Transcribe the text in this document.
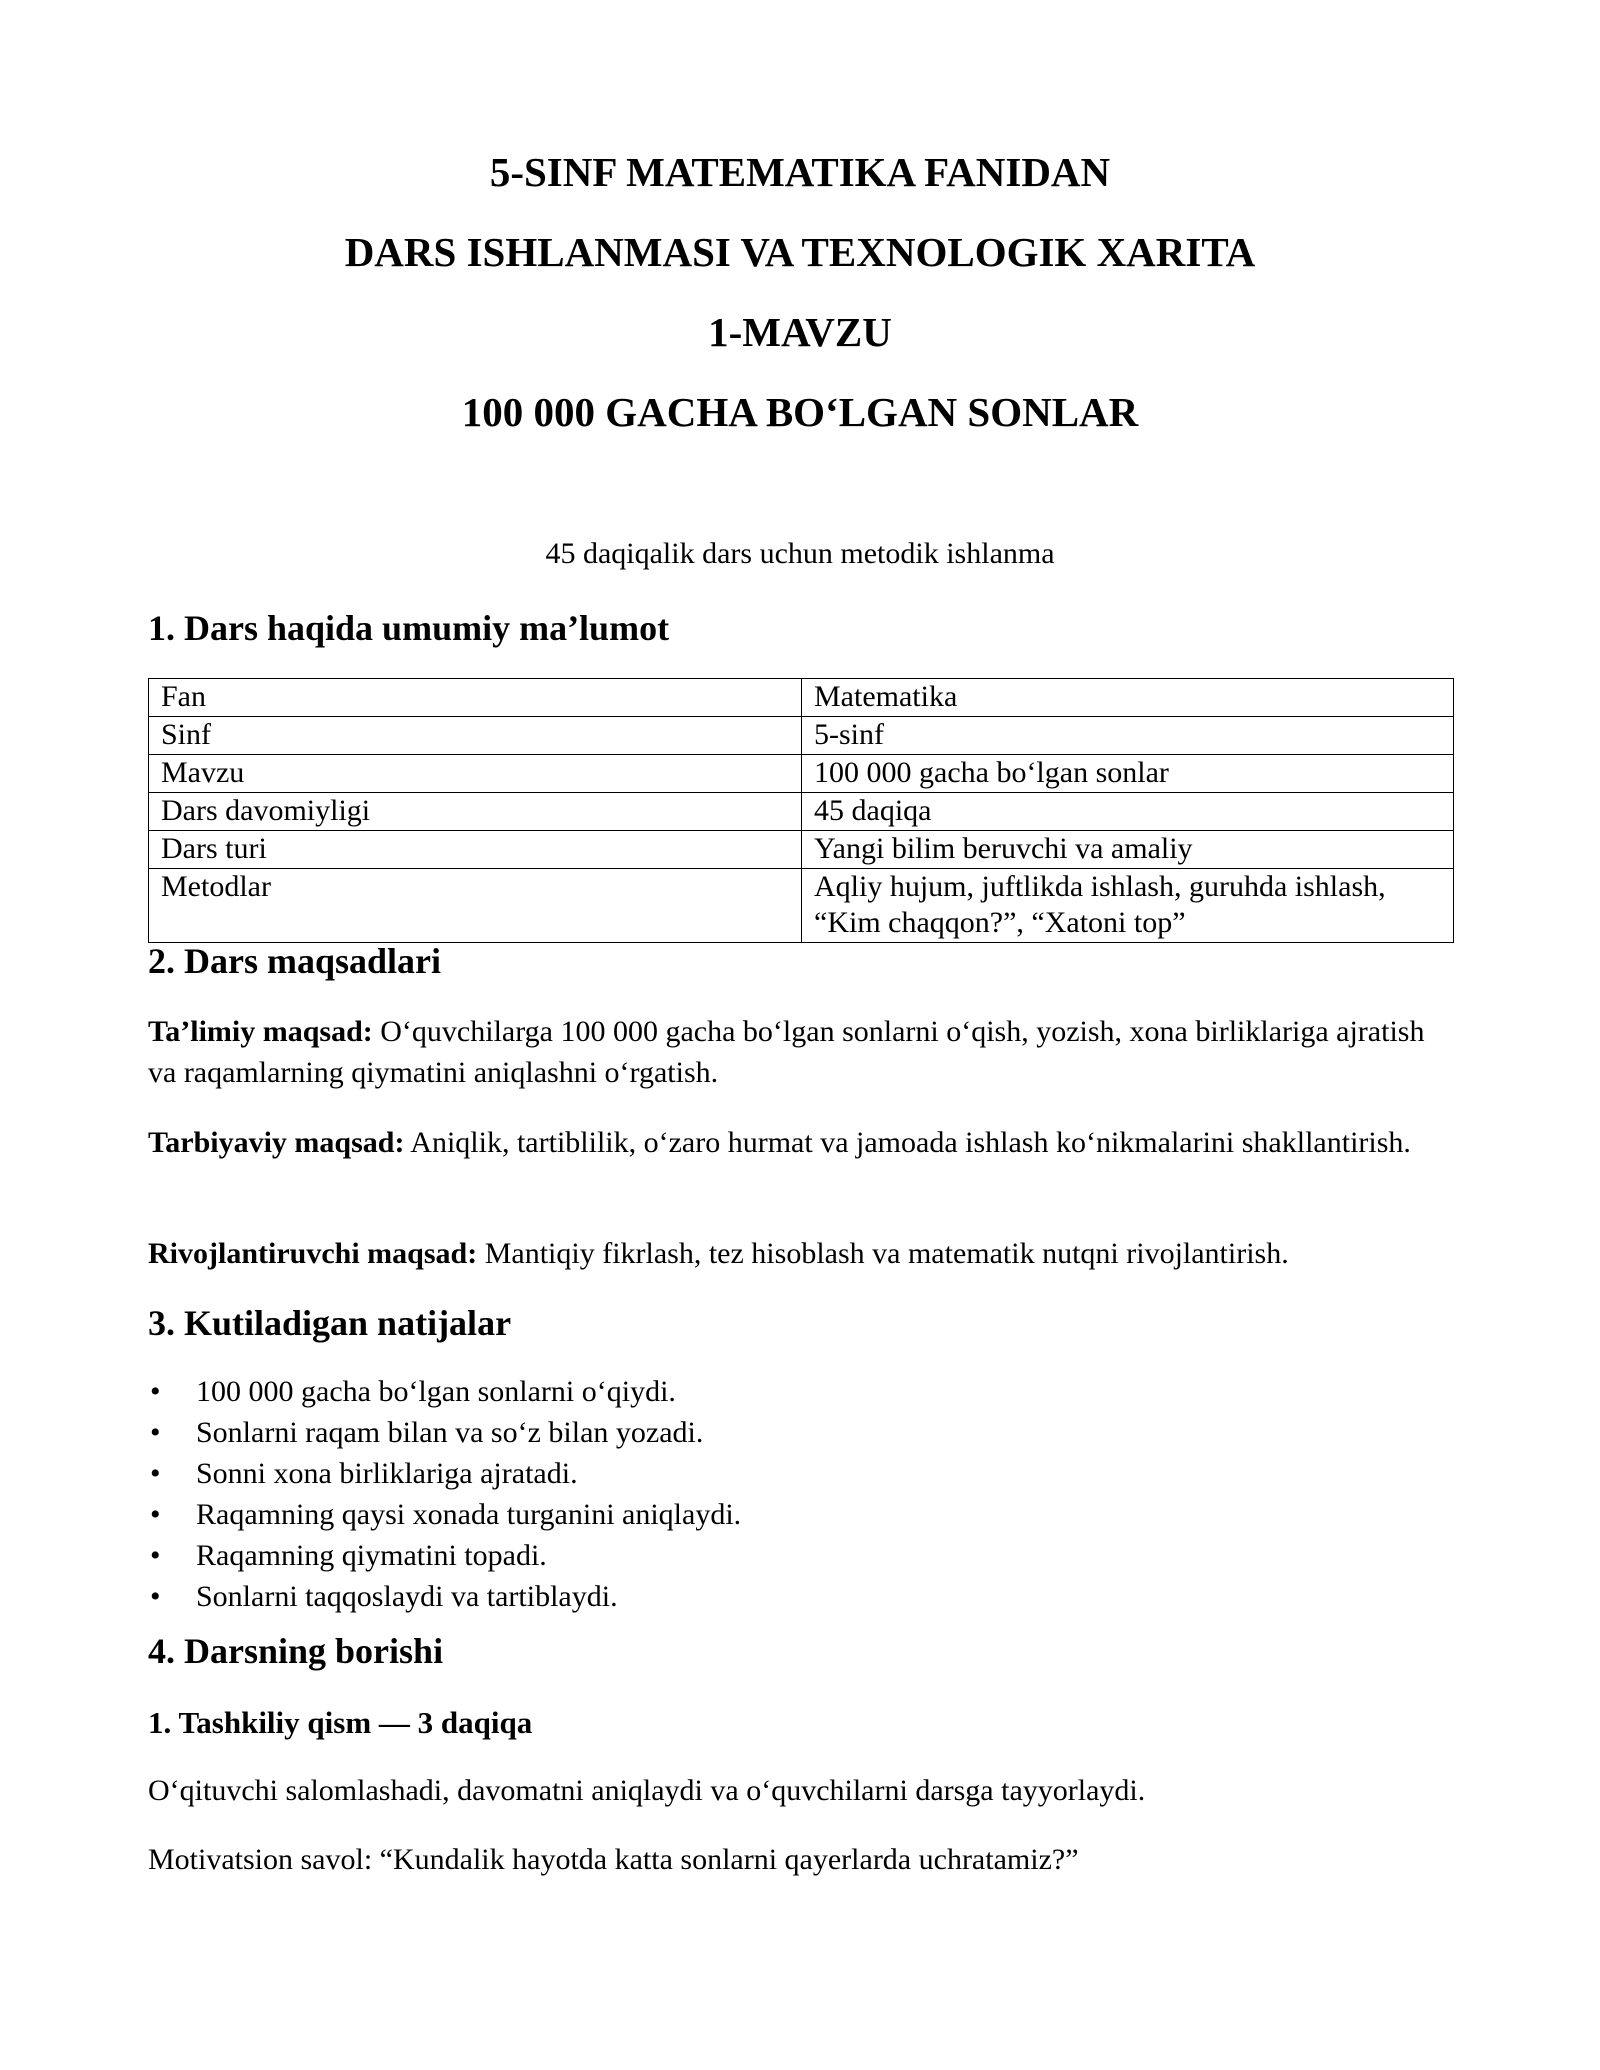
5-SINF MATEMATIKA FANIDAN
DARS ISHLANMASI VA TEXNOLOGIK XARITA
1-MAVZU
100 000 GACHA BO‘LGAN SONLAR
45 daqiqalik dars uchun metodik ishlanma
1. Dars haqida umumiy ma’lumot
Fan	Matematika
Sinf	5-sinf
Mavzu	100 000 gacha bo‘lgan sonlar
Dars davomiyligi	45 daqiqa
Dars turi	Yangi bilim beruvchi va amaliy
Metodlar	Aqliy hujum, juftlikda ishlash, guruhda ishlash,
“Kim chaqqon?”, “Xatoni top”
2. Dars maqsadlari

Ta’limiy maqsad: O‘quvchilarga 100 000 gacha bo‘lgan sonlarni o‘qish, yozish, xona birliklariga ajratish va raqamlarning qiymatini aniqlashni o‘rgatish.

Tarbiyaviy maqsad: Aniqlik, tartiblilik, o‘zaro hurmat va jamoada ishlash ko‘nikmalarini shakllantirish.

Rivojlantiruvchi maqsad: Mantiqiy fikrlash, tez hisoblash va matematik nutqni rivojlantirish.

3. Kutiladigan natijalar
• 100 000 gacha bo‘lgan sonlarni o‘qiydi.
• Sonlarni raqam bilan va so‘z bilan yozadi.
• Sonni xona birliklariga ajratadi.
• Raqamning qaysi xonada turganini aniqlaydi.
• Raqamning qiymatini topadi.
• Sonlarni taqqoslaydi va tartiblaydi.
4. Darsning borishi
1. Tashkiliy qism — 3 daqiqa

O‘qituvchi salomlashadi, davomatni aniqlaydi va o‘quvchilarni darsga tayyorlaydi.

Motivatsion savol: “Kundalik hayotda katta sonlarni qayerlarda uchratamiz?”
